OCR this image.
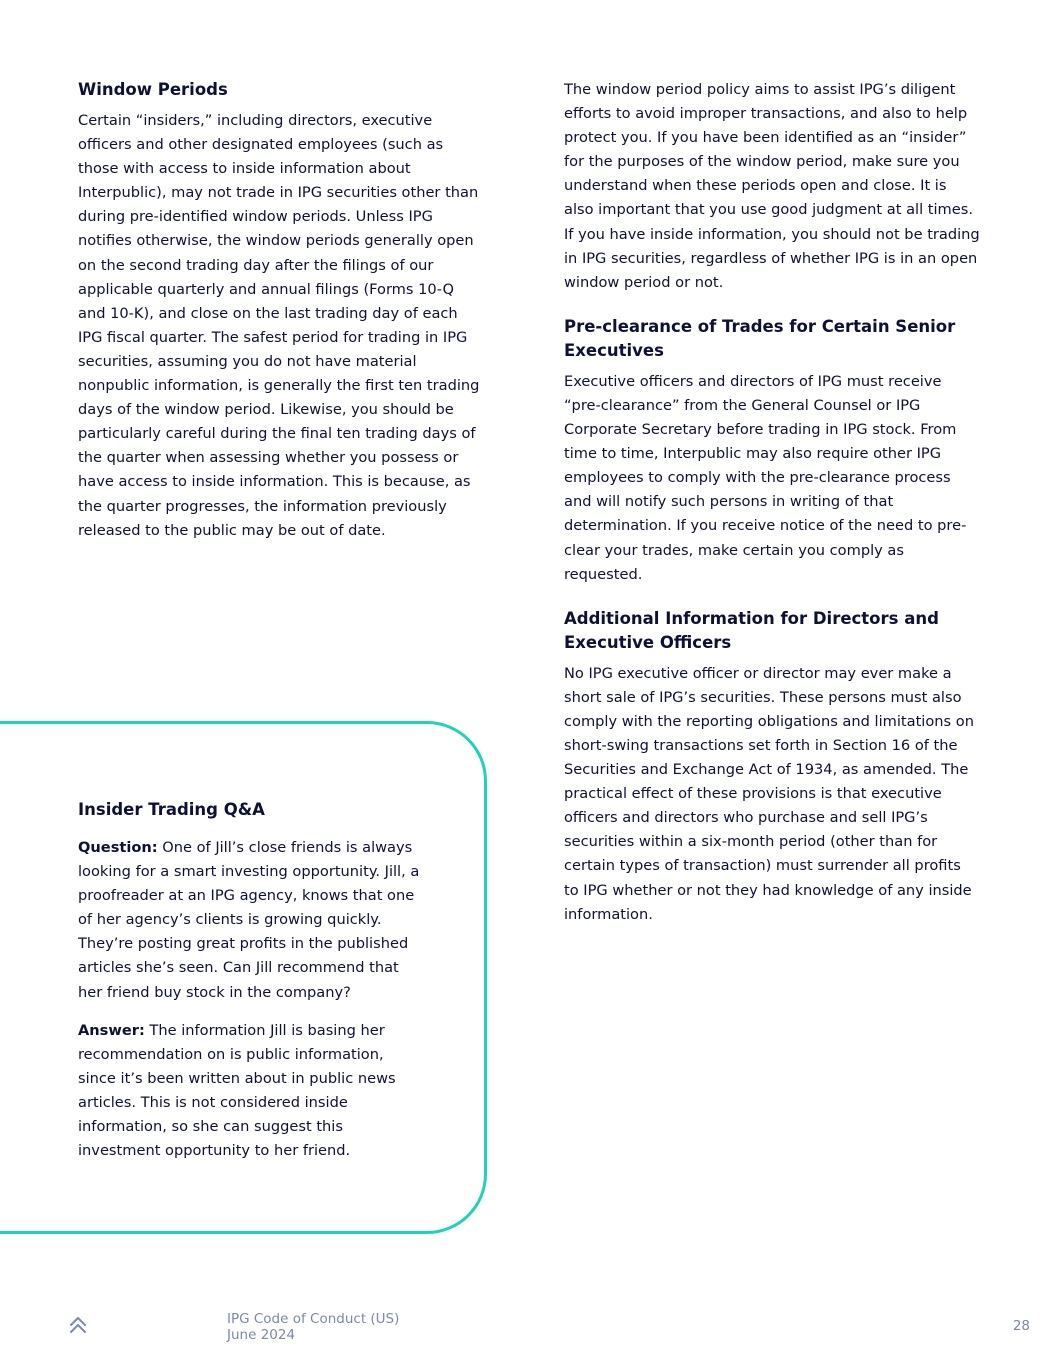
Window Periods

Certain “insiders,” including directors, executive officers and other designated employees (such as those with access to inside information about Interpublic), may not trade in IPG securities other than during pre-identified window periods. Unless IPG notifies otherwise, the window periods generally open on the second trading day after the filings of our applicable quarterly and annual filings (Forms 10-Q and 10-K), and close on the last trading day of each IPG fiscal quarter. The safest period for trading in IPG securities, assuming you do not have material nonpublic information, is generally the first ten trading days of the window period. Likewise, you should be particularly careful during the final ten trading days of the quarter when assessing whether you possess or have access to inside information. This is because, as the quarter progresses, the information previously released to the public may be out of date.

The window period policy aims to assist IPG’s diligent efforts to avoid improper transactions, and also to help protect you. If you have been identified as an “insider” for the purposes of the window period, make sure you understand when these periods open and close. It is also important that you use good judgment at all times. If you have inside information, you should not be trading in IPG securities, regardless of whether IPG is in an open window period or not.

Pre-clearance of Trades for Certain Senior Executives

Executive officers and directors of IPG must receive “pre-clearance” from the General Counsel or IPG Corporate Secretary before trading in IPG stock. From time to time, Interpublic may also require other IPG employees to comply with the pre-clearance process and will notify such persons in writing of that determination. If you receive notice of the need to pre-clear your trades, make certain you comply as requested.

Additional Information for Directors and Executive Officers

No IPG executive officer or director may ever make a short sale of IPG’s securities. These persons must also comply with the reporting obligations and limitations on short-swing transactions set forth in Section 16 of the Securities and Exchange Act of 1934, as amended. The practical effect of these provisions is that executive officers and directors who purchase and sell IPG’s securities within a six-month period (other than for certain types of transaction) must surrender all profits to IPG whether or not they had knowledge of any inside information.

Insider Trading Q&A

Question: One of Jill’s close friends is always looking for a smart investing opportunity. Jill, a proofreader at an IPG agency, knows that one of her agency’s clients is growing quickly. They’re posting great profits in the published articles she’s seen. Can Jill recommend that her friend buy stock in the company?

Answer: The information Jill is basing her recommendation on is public information, since it’s been written about in public news articles. This is not considered inside information, so she can suggest this investment opportunity to her friend.

IPG Code of Conduct (US)
June 2024
28
